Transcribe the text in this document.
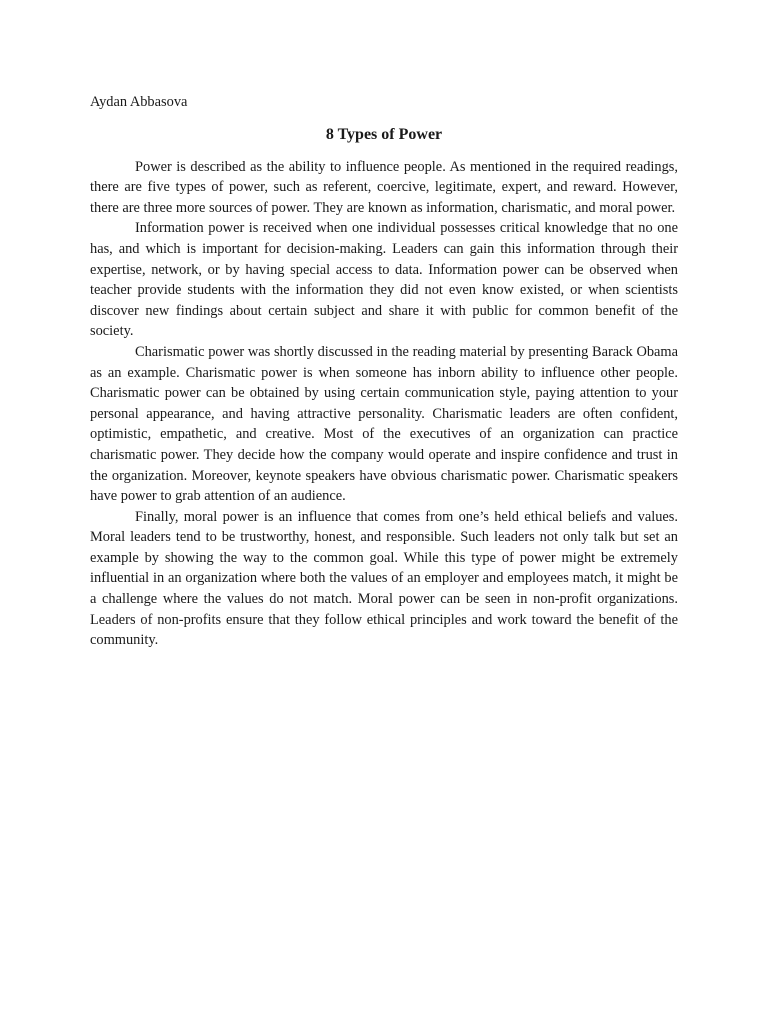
Aydan Abbasova

8 Types of Power

Power is described as the ability to influence people. As mentioned in the required readings, there are five types of power, such as referent, coercive, legitimate, expert, and reward. However, there are three more sources of power. They are known as information, charismatic, and moral power.

Information power is received when one individual possesses critical knowledge that no one has, and which is important for decision-making. Leaders can gain this information through their expertise, network, or by having special access to data. Information power can be observed when teacher provide students with the information they did not even know existed, or when scientists discover new findings about certain subject and share it with public for common benefit of the society.

Charismatic power was shortly discussed in the reading material by presenting Barack Obama as an example. Charismatic power is when someone has inborn ability to influence other people. Charismatic power can be obtained by using certain communication style, paying attention to your personal appearance, and having attractive personality. Charismatic leaders are often confident, optimistic, empathetic, and creative. Most of the executives of an organization can practice charismatic power. They decide how the company would operate and inspire confidence and trust in the organization. Moreover, keynote speakers have obvious charismatic power. Charismatic speakers have power to grab attention of an audience.

Finally, moral power is an influence that comes from one’s held ethical beliefs and values. Moral leaders tend to be trustworthy, honest, and responsible. Such leaders not only talk but set an example by showing the way to the common goal. While this type of power might be extremely influential in an organization where both the values of an employer and employees match, it might be a challenge where the values do not match. Moral power can be seen in non-profit organizations. Leaders of non-profits ensure that they follow ethical principles and work toward the benefit of the community.
